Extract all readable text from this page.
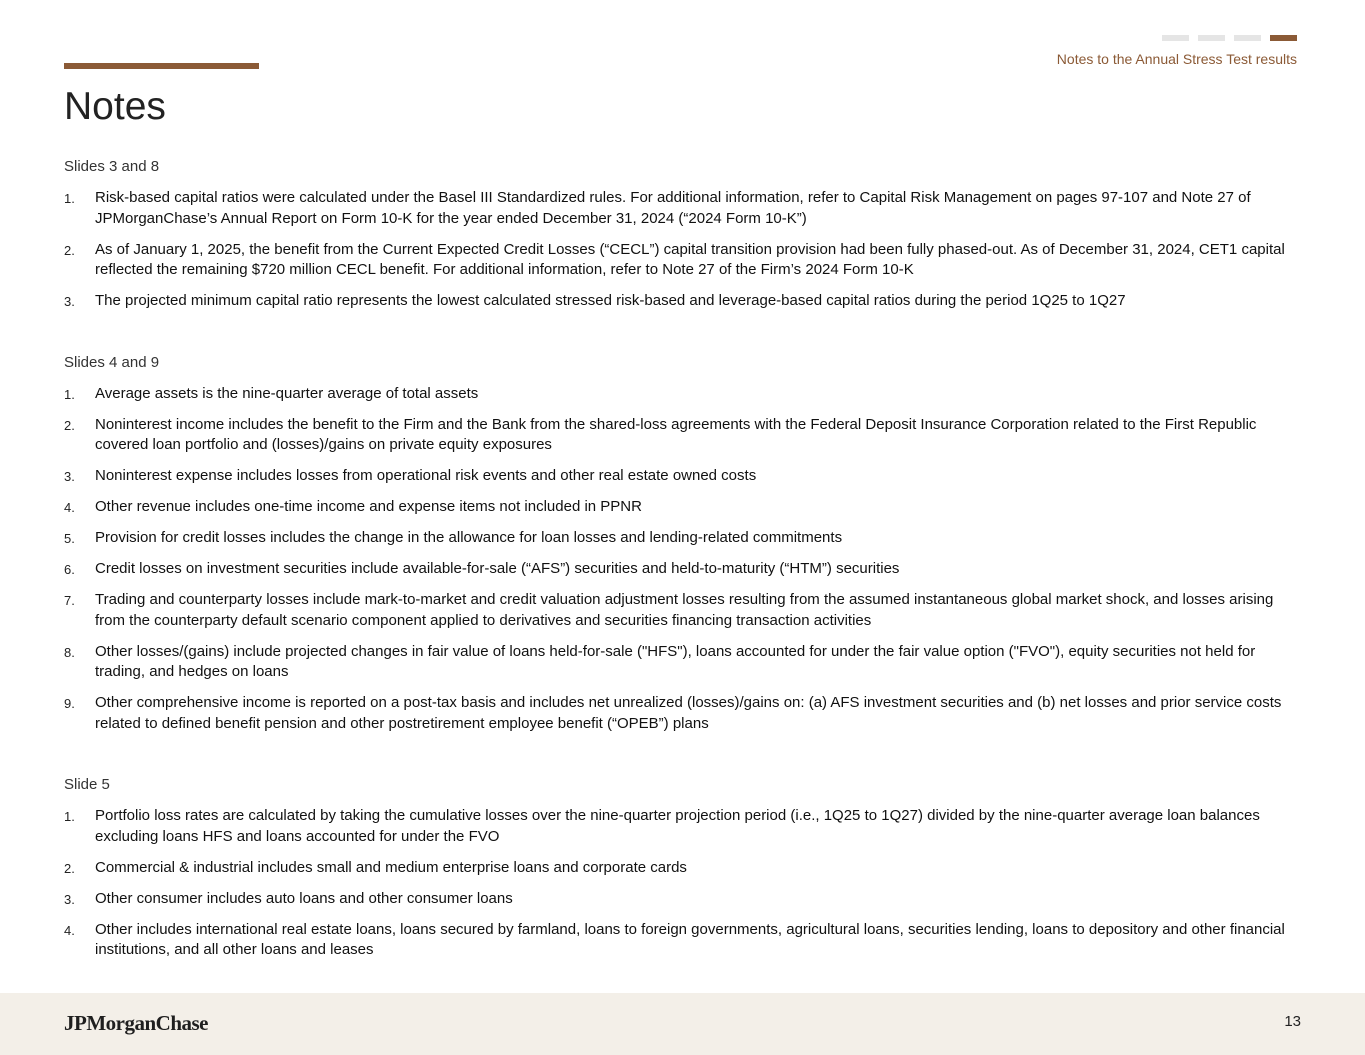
Notes to the Annual Stress Test results
Notes
Slides 3 and 8
1. Risk-based capital ratios were calculated under the Basel III Standardized rules. For additional information, refer to Capital Risk Management on pages 97-107 and Note 27 of JPMorganChase’s Annual Report on Form 10-K for the year ended December 31, 2024 (“2024 Form 10-K”)
2. As of January 1, 2025, the benefit from the Current Expected Credit Losses (“CECL”) capital transition provision had been fully phased-out. As of December 31, 2024, CET1 capital reflected the remaining $720 million CECL benefit. For additional information, refer to Note 27 of the Firm’s 2024 Form 10-K
3. The projected minimum capital ratio represents the lowest calculated stressed risk-based and leverage-based capital ratios during the period 1Q25 to 1Q27
Slides 4 and 9
1. Average assets is the nine-quarter average of total assets
2. Noninterest income includes the benefit to the Firm and the Bank from the shared-loss agreements with the Federal Deposit Insurance Corporation related to the First Republic covered loan portfolio and (losses)/gains on private equity exposures
3. Noninterest expense includes losses from operational risk events and other real estate owned costs
4. Other revenue includes one-time income and expense items not included in PPNR
5. Provision for credit losses includes the change in the allowance for loan losses and lending-related commitments
6. Credit losses on investment securities include available-for-sale (“AFS”) securities and held-to-maturity (“HTM”) securities
7. Trading and counterparty losses include mark-to-market and credit valuation adjustment losses resulting from the assumed instantaneous global market shock, and losses arising from the counterparty default scenario component applied to derivatives and securities financing transaction activities
8. Other losses/(gains) include projected changes in fair value of loans held-for-sale ("HFS"), loans accounted for under the fair value option ("FVO"), equity securities not held for trading, and hedges on loans
9. Other comprehensive income is reported on a post-tax basis and includes net unrealized (losses)/gains on: (a) AFS investment securities and (b) net losses and prior service costs related to defined benefit pension and other postretirement employee benefit (“OPEB”) plans
Slide 5
1. Portfolio loss rates are calculated by taking the cumulative losses over the nine-quarter projection period (i.e., 1Q25 to 1Q27) divided by the nine-quarter average loan balances excluding loans HFS and loans accounted for under the FVO
2. Commercial & industrial includes small and medium enterprise loans and corporate cards
3. Other consumer includes auto loans and other consumer loans
4. Other includes international real estate loans, loans secured by farmland, loans to foreign governments, agricultural loans, securities lending, loans to depository and other financial institutions, and all other loans and leases
JPMorganChase	13
